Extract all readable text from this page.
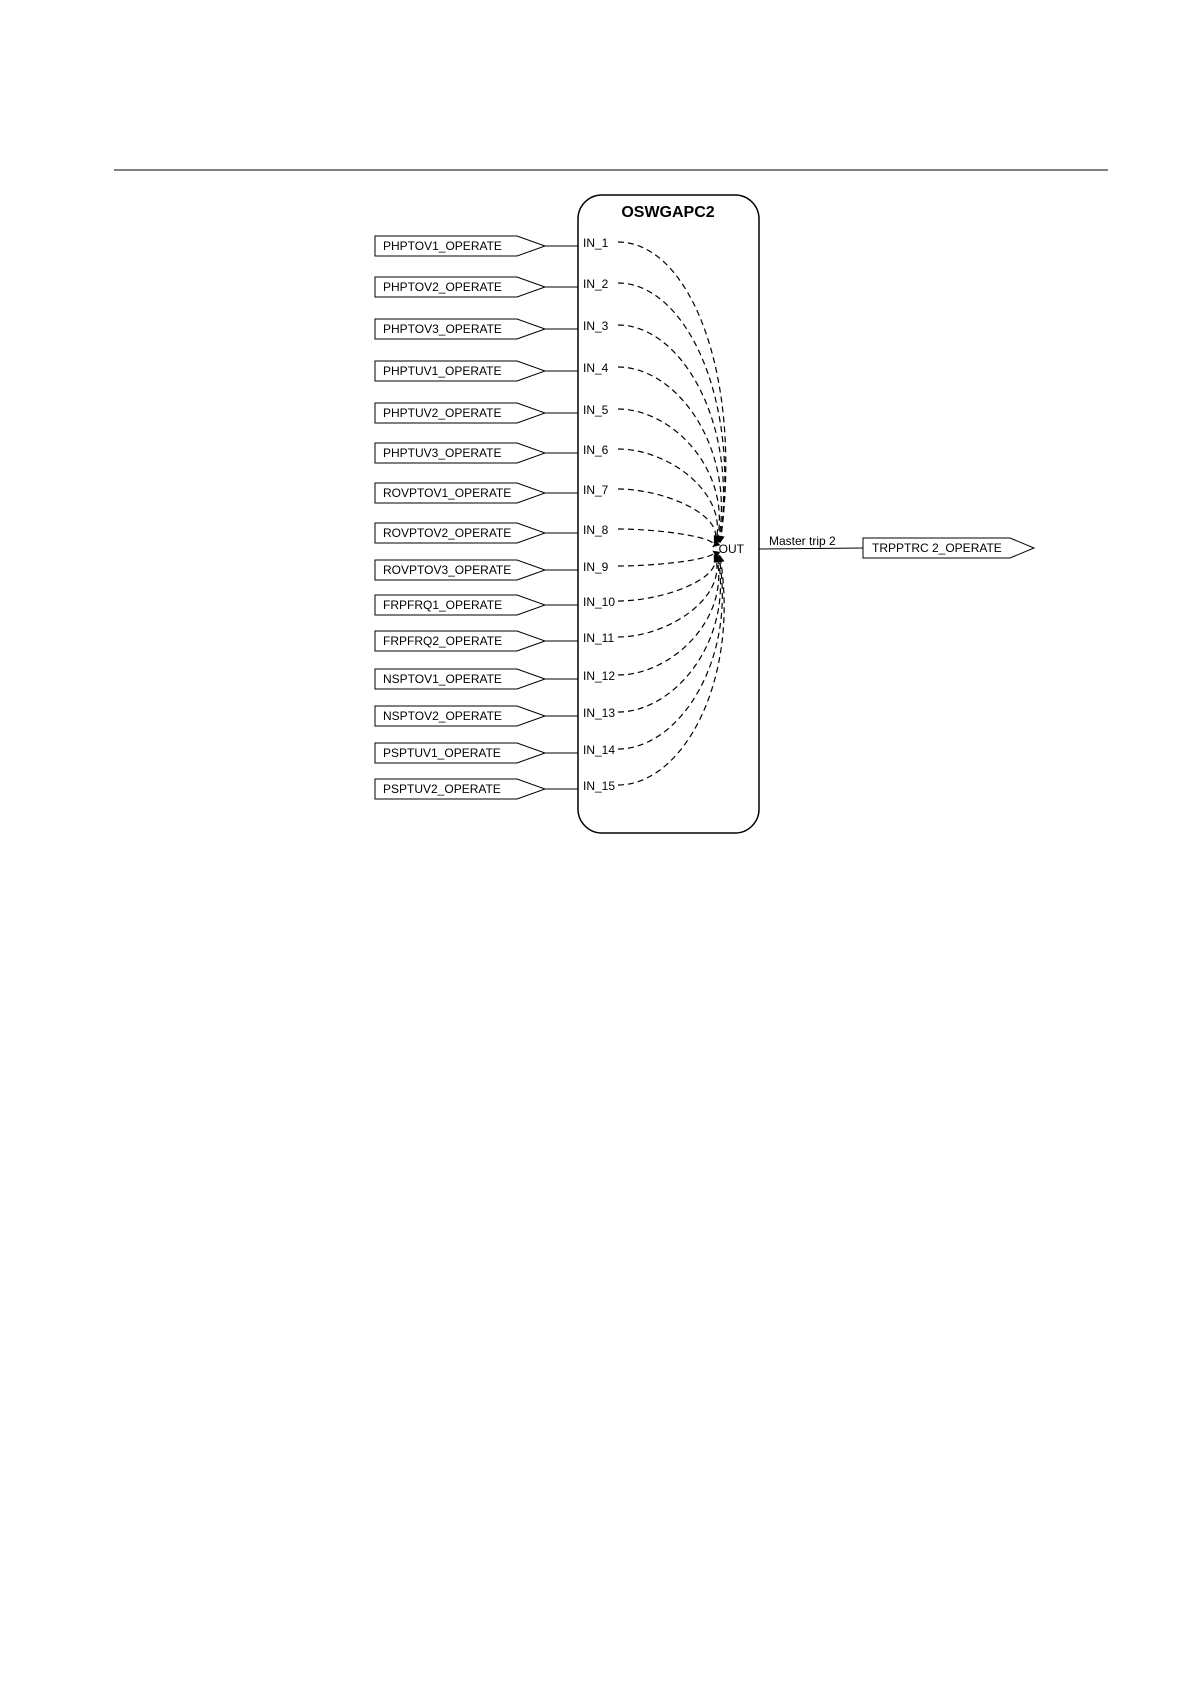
OSWGAPC2
PHPTOV1_OPERATE	IN_1
PHPTOV2_OPERATE	IN_2
PHPTOV3_OPERATE	IN_3
PHPTUV1_OPERATE	IN_4
PHPTUV2_OPERATE	IN_5
PHPTUV3_OPERATE	IN_6
ROVPTOV1_OPERATE	IN_7
ROVPTOV2_OPERATE	IN_8
ROVPTOV3_OPERATE	IN_9
FRPFRQ1_OPERATE	IN_10
FRPFRQ2_OPERATE	IN_11
NSPTOV1_OPERATE	IN_12
NSPTOV2_OPERATE	IN_13
PSPTUV1_OPERATE	IN_14
PSPTUV2_OPERATE	IN_15
OUT
Master trip 2	TRPPTRC 2_OPERATE
